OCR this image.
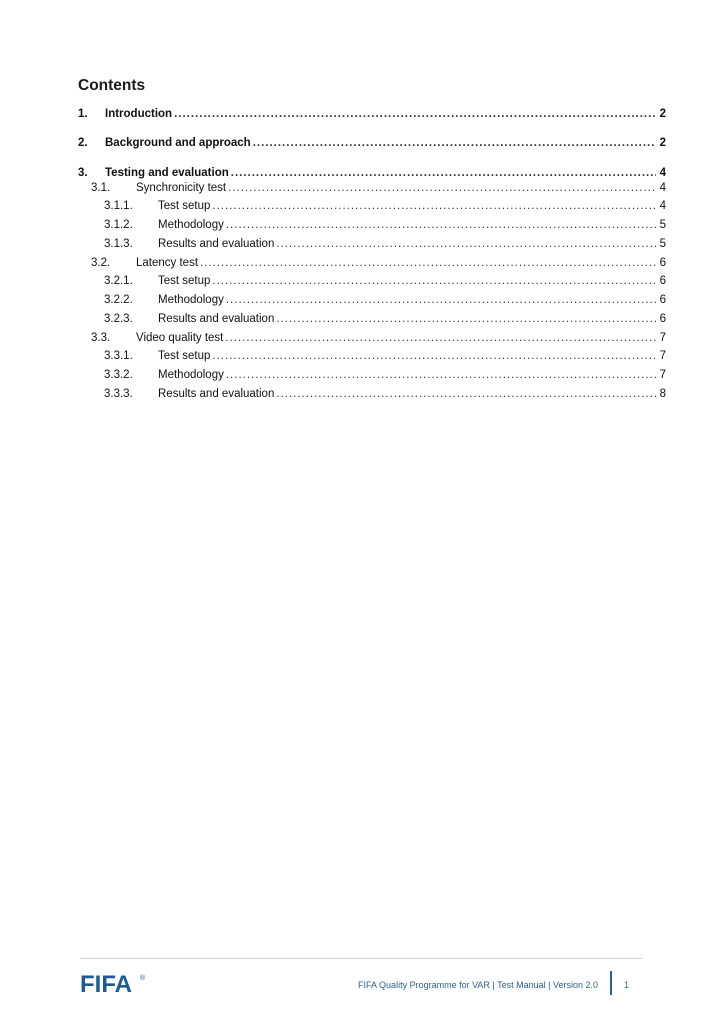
Contents
1.	Introduction .....	2
2.	Background and approach .....	2
3.	Testing and evaluation .....	4
3.1.	Synchronicity test .....	4
3.1.1.	Test setup .....	4
3.1.2.	Methodology .....	5
3.1.3.	Results and evaluation .....	5
3.2.	Latency test .....	6
3.2.1.	Test setup .....	6
3.2.2.	Methodology .....	6
3.2.3.	Results and evaluation .....	6
3.3.	Video quality test .....	7
3.3.1.	Test setup .....	7
3.3.2.	Methodology .....	7
3.3.3.	Results and evaluation .....	8
FIFA ®
FIFA Quality Programme for VAR | Test Manual | Version 2.0	1
